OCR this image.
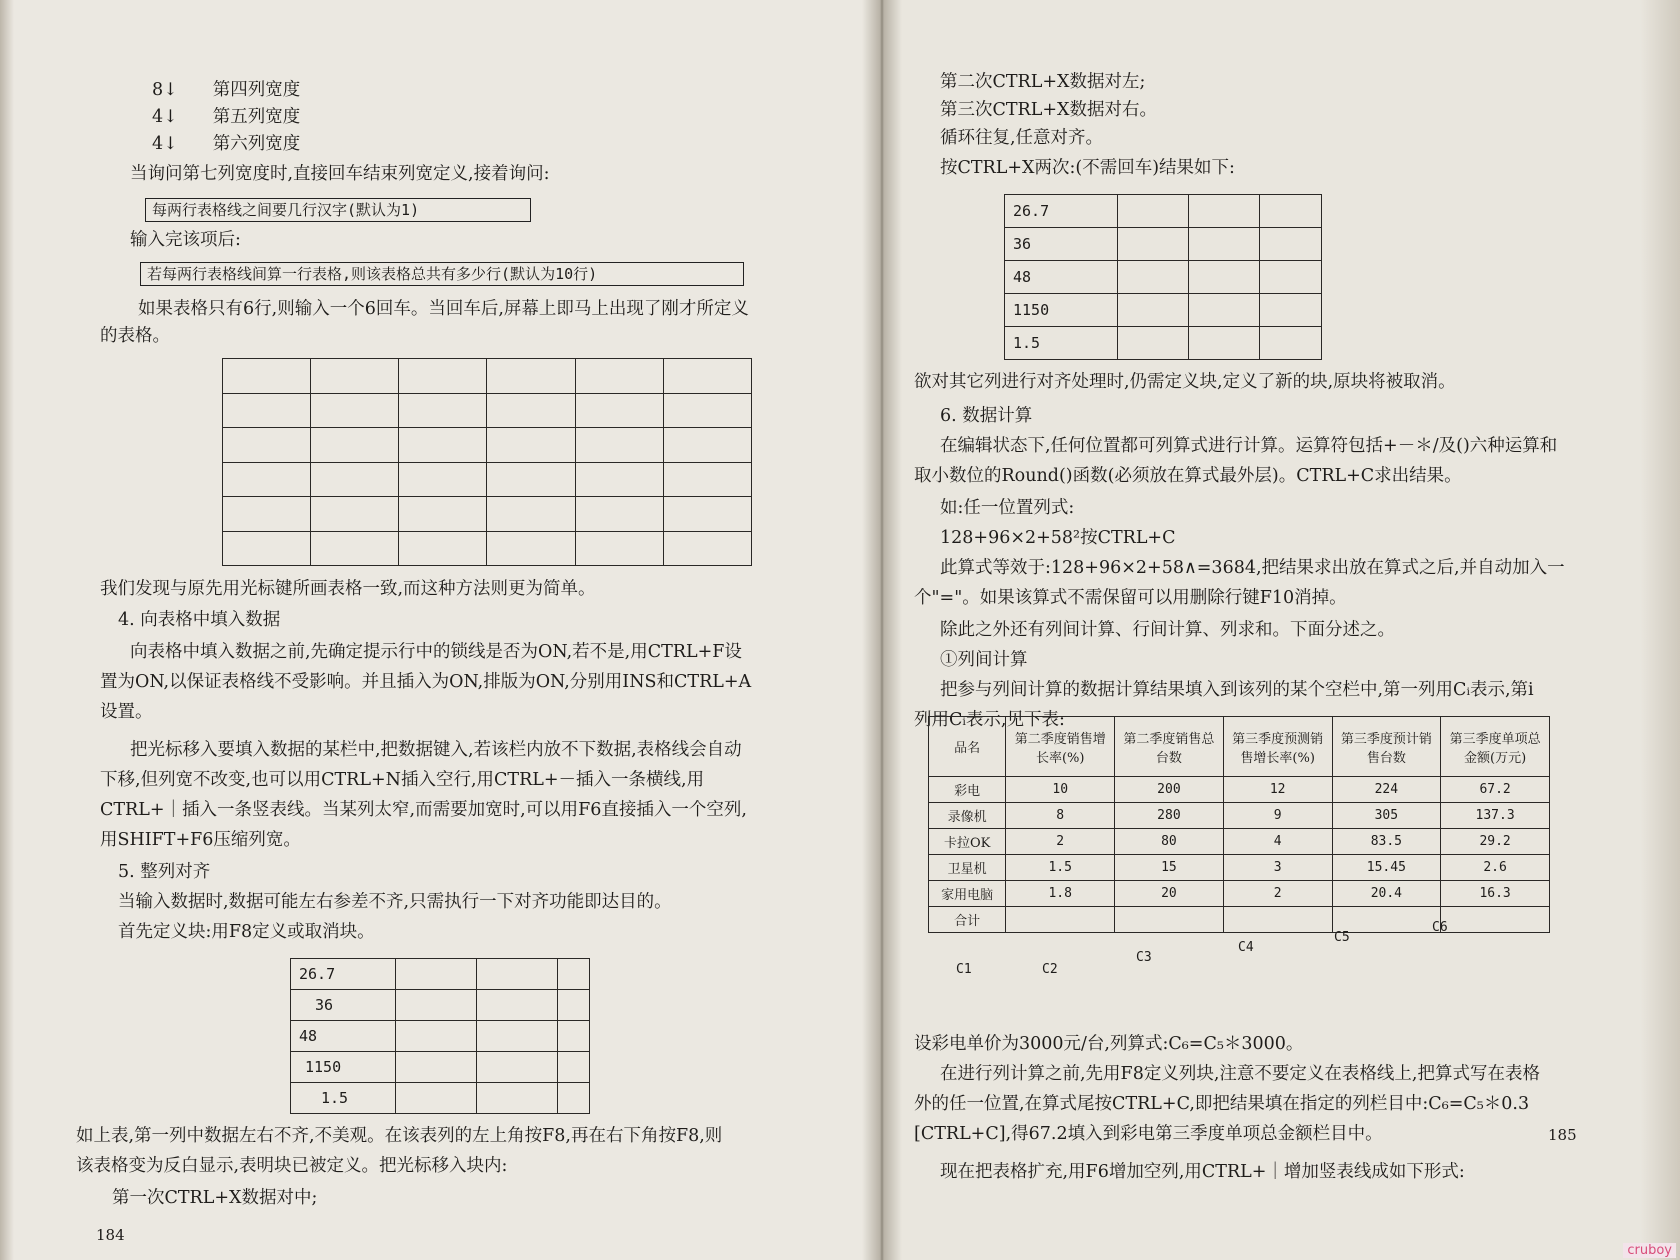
8↓　　第四列宽度
4↓　　第五列宽度
4↓　　第六列宽度
当询问第七列宽度时,直接回车结束列宽定义,接着询问:
每两行表格线之间要几行汉字(默认为1)
输入完该项后:
若每两行表格线间算一行表格,则该表格总共有多少行(默认为10行)
如果表格只有6行,则输入一个6回车。当回车后,屏幕上即马上出现了刚才所定义
的表格。

我们发现与原先用光标键所画表格一致,而这种方法则更为简单。
4. 向表格中填入数据
向表格中填入数据之前,先确定提示行中的锁线是否为ON,若不是,用CTRL+F设
置为ON,以保证表格线不受影响。并且插入为ON,排版为ON,分别用INS和CTRL+A
设置。
把光标移入要填入数据的某栏中,把数据键入,若该栏内放不下数据,表格线会自动
下移,但列宽不改变,也可以用CTRL+N插入空行,用CTRL+－插入一条横线,用
CTRL+｜插入一条竖表线。当某列太窄,而需要加宽时,可以用F6直接插入一个空列,
用SHIFT+F6压缩列宽。
5. 整列对齐
当输入数据时,数据可能左右参差不齐,只需执行一下对齐功能即达目的。
首先定义块:用F8定义或取消块。
26.7			
36			
48			
1150			
1.5			
如上表,第一列中数据左右不齐,不美观。在该表列的左上角按F8,再在右下角按F8,则
该表格变为反白显示,表明块已被定义。把光标移入块内:
第一次CTRL+X数据对中;
184
第二次CTRL+X数据对左;
第三次CTRL+X数据对右。
循环往复,任意对齐。
按CTRL+X两次:(不需回车)结果如下:
26.7			
36			
48			
1150			
1.5			
欲对其它列进行对齐处理时,仍需定义块,定义了新的块,原块将被取消。
6. 数据计算
在编辑状态下,任何位置都可列算式进行计算。运算符包括+－＊/及()六种运算和
取小数位的Round()函数(必须放在算式最外层)。CTRL+C求出结果。
如:任一位置列式:
128+96×2+58²按CTRL+C
此算式等效于:128+96×2+58∧=3684,把结果求出放在算式之后,并自动加入一
个"="。如果该算式不需保留可以用删除行键F10消掉。
除此之外还有列间计算、行间计算、列求和。下面分述之。
①列间计算
把参与列间计算的数据计算结果填入到该列的某个空栏中,第一列用Cᵢ表示,第i
列用Cᵢ表示,见下表:
品名	第二季度销售增长率(%)	第二季度销售总台数	第三季度预测销售增长率(%)	第三季度预计销售台数	第三季度单项总金额(万元)
彩电	10	200	12	224	67.2
录像机	8	280	9	305	137.3
卡拉OK	2	80	4	83.5	29.2
卫星机	1.5	15	3	15.45	2.6
家用电脑	1.8	20	2	20.4	16.3
合计					
C1	C2
C3
C4
C5
C6
设彩电单价为3000元/台,列算式:C₆=C₅＊3000。
在进行列计算之前,先用F8定义列块,注意不要定义在表格线上,把算式写在表格
外的任一位置,在算式尾按CTRL+C,即把结果填在指定的列栏目中:C₆=C₅＊0.3
[CTRL+C],得67.2填入到彩电第三季度单项总金额栏目中。
现在把表格扩充,用F6增加空列,用CTRL+｜增加竖表线成如下形式:
185
cruboy
